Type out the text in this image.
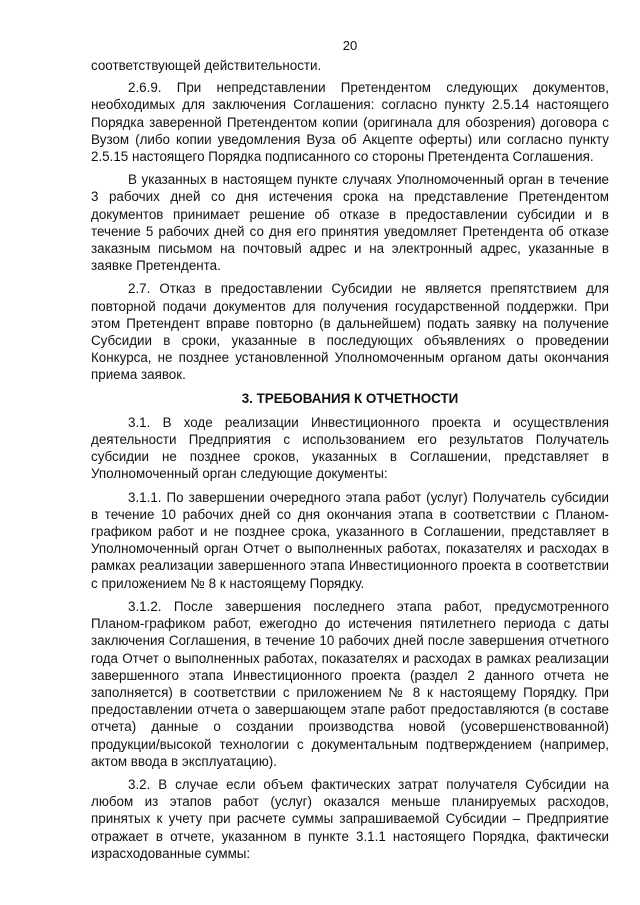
20

соответствующей действительности.

2.6.9. При непредставлении Претендентом следующих документов, необходимых для заключения Соглашения: согласно пункту 2.5.14 настоящего Порядка заверенной Претендентом копии (оригинала для обозрения) договора с Вузом (либо копии уведомления Вуза об Акцепте оферты) или согласно пункту 2.5.15 настоящего Порядка подписанного со стороны Претендента Соглашения.

В указанных в настоящем пункте случаях Уполномоченный орган в течение 3 рабочих дней со дня истечения срока на представление Претендентом документов принимает решение об отказе в предоставлении субсидии и в течение 5 рабочих дней со дня его принятия уведомляет Претендента об отказе заказным письмом на почтовый адрес и на электронный адрес, указанные в заявке Претендента.

2.7. Отказ в предоставлении Субсидии не является препятствием для повторной подачи документов для получения государственной поддержки. При этом Претендент вправе повторно (в дальнейшем) подать заявку на получение Субсидии в сроки, указанные в последующих объявлениях о проведении Конкурса, не позднее установленной Уполномоченным органом даты окончания приема заявок.

3. ТРЕБОВАНИЯ К ОТЧЕТНОСТИ

3.1. В ходе реализации Инвестиционного проекта и осуществления деятельности Предприятия с использованием его результатов Получатель субсидии не позднее сроков, указанных в Соглашении, представляет в Уполномоченный орган следующие документы:

3.1.1. По завершении очередного этапа работ (услуг) Получатель субсидии в течение 10 рабочих дней со дня окончания этапа в соответствии с Планом-графиком работ и не позднее срока, указанного в Соглашении, представляет в Уполномоченный орган Отчет о выполненных работах, показателях и расходах в рамках реализации завершенного этапа Инвестиционного проекта в соответствии с приложением № 8 к настоящему Порядку.

3.1.2. После завершения последнего этапа работ, предусмотренного Планом-графиком работ, ежегодно до истечения пятилетнего периода с даты заключения Соглашения, в течение 10 рабочих дней после завершения отчетного года Отчет о выполненных работах, показателях и расходах в рамках реализации завершенного этапа Инвестиционного проекта (раздел 2 данного отчета не заполняется) в соответствии с приложением № 8 к настоящему Порядку. При предоставлении отчета о завершающем этапе работ предоставляются (в составе отчета) данные о создании производства новой (усовершенствованной) продукции/высокой технологии с документальным подтверждением (например, актом ввода в эксплуатацию).

3.2. В случае если объем фактических затрат получателя Субсидии на любом из этапов работ (услуг) оказался меньше планируемых расходов, принятых к учету при расчете суммы запрашиваемой Субсидии – Предприятие отражает в отчете, указанном в пункте 3.1.1 настоящего Порядка, фактически израсходованные суммы:
